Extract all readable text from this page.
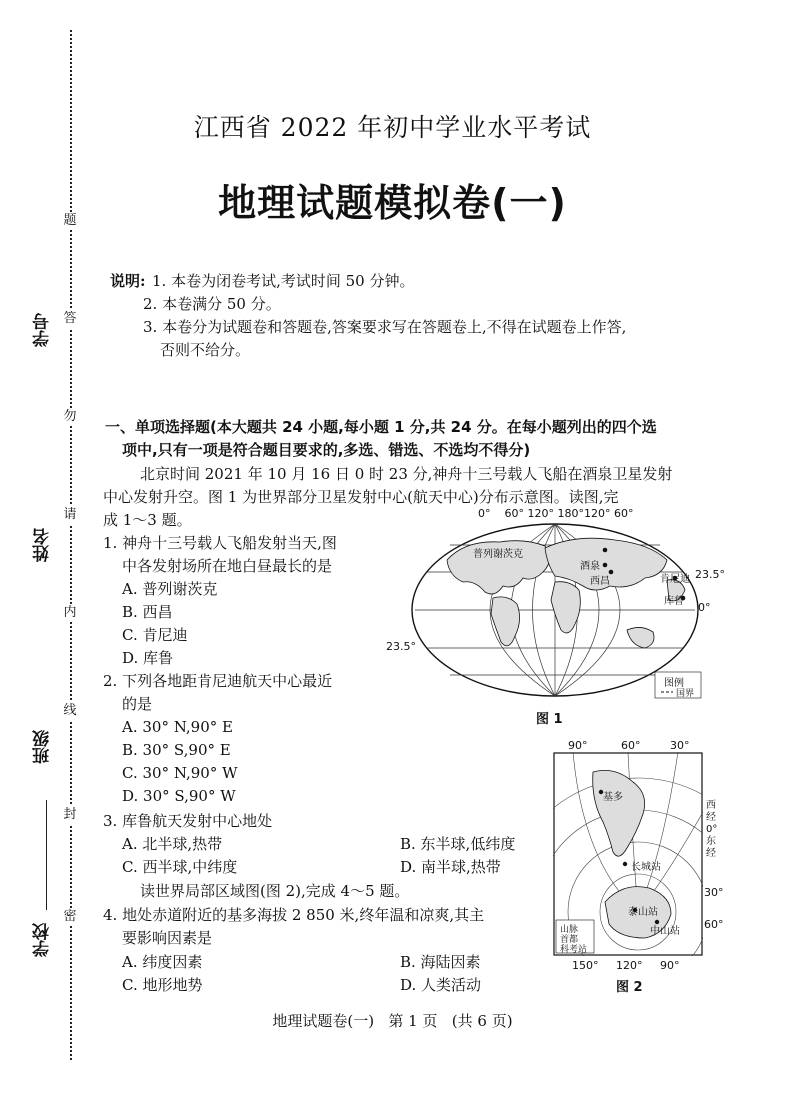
题
答
勿
请
内
线
封
密
学号
姓名
班级
学校
江西省 2022 年初中学业水平考试
地理试题模拟卷(一)
说明: 1. 本卷为闭卷考试,考试时间 50 分钟。
2. 本卷满分 50 分。
3. 本卷分为试题卷和答题卷,答案要求写在答题卷上,不得在试题卷上作答,
否则不给分。
一、单项选择题(本大题共 24 小题,每小题 1 分,共 24 分。在每小题列出的四个选
项中,只有一项是符合题目要求的,多选、错选、不选均不得分)
北京时间 2021 年 10 月 16 日 0 时 23 分,神舟十三号载人飞船在酒泉卫星发射
中心发射升空。图 1 为世界部分卫星发射中心(航天中心)分布示意图。读图,完
成 1～3 题。
1. 神舟十三号载人飞船发射当天,图
中各发射场所在地白昼最长的是
A. 普列谢茨克
B. 西昌
C. 肯尼迪
D. 库鲁
2. 下列各地距肯尼迪航天中心最近
的是
A. 30° N,90° E
B. 30° S,90° E
C. 30° N,90° W
D. 30° S,90° W
3. 库鲁航天发射中心地处
A. 北半球,热带	B. 东半球,低纬度
C. 西半球,中纬度	D. 南半球,热带
读世界局部区域图(图 2),完成 4～5 题。
4. 地处赤道附近的基多海拔 2 850 米,终年温和凉爽,其主
要影响因素是
A. 纬度因素	B. 海陆因素
C. 地形地势	D. 人类活动
0°    60° 120° 180°120° 60°
普列谢茨克
酒泉
西昌	肯尼迪
库鲁
23.5°
0°
23.5°
图例
国界
图 1
90°	60°	30°
基多
长城站
泰山站
中山站
山脉
首都
科考站
西经0°东经
30°
60°
150° 120° 90°
图 2
地理试题卷(一)   第 1 页   (共 6 页)
